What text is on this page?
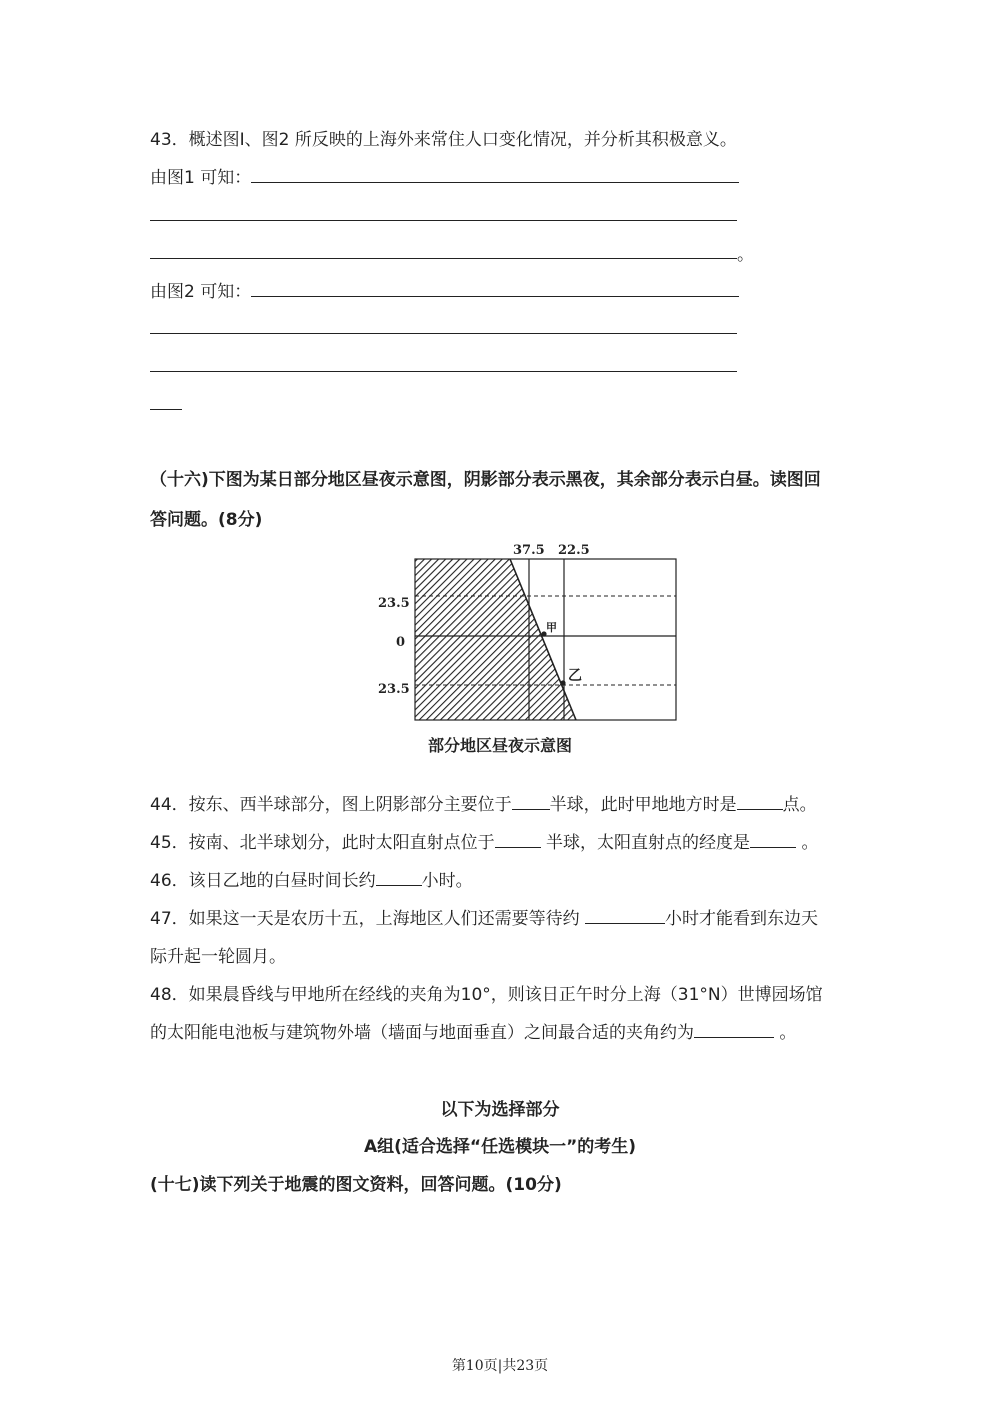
43．概述图Ⅰ、图2 所反映的上海外来常住人口变化情况，并分析其积极意义。
由图1 可知：
。
由图2 可知：
（十六)下图为某日部分地区昼夜示意图，阴影部分表示黑夜，其余部分表示白昼。读图回
答问题。(8分)
37.5 22.5
23.5
0
23.5
甲
乙
部分地区昼夜示意图
44．按东、西半球部分，图上阴影部分主要位于 半球，此时甲地地方时是	点。
45．按南、北半球划分，此时太阳直射点位于	半球，太阳直射点的经度是	。
46．该日乙地的白昼时间长约	小时。
47．如果这一天是农历十五，上海地区人们还需要等待约	小时才能看到东边天
际升起一轮圆月。
48．如果晨昏线与甲地所在经线的夹角为10°，则该日正午时分上海（31°N）世博园场馆
的太阳能电池板与建筑物外墙（墙面与地面垂直）之间最合适的夹角约为	。
以下为选择部分
A组(适合选择“任选模块一”的考生)
(十七)读下列关于地震的图文资料，回答问题。(10分)
第10页|共23页
